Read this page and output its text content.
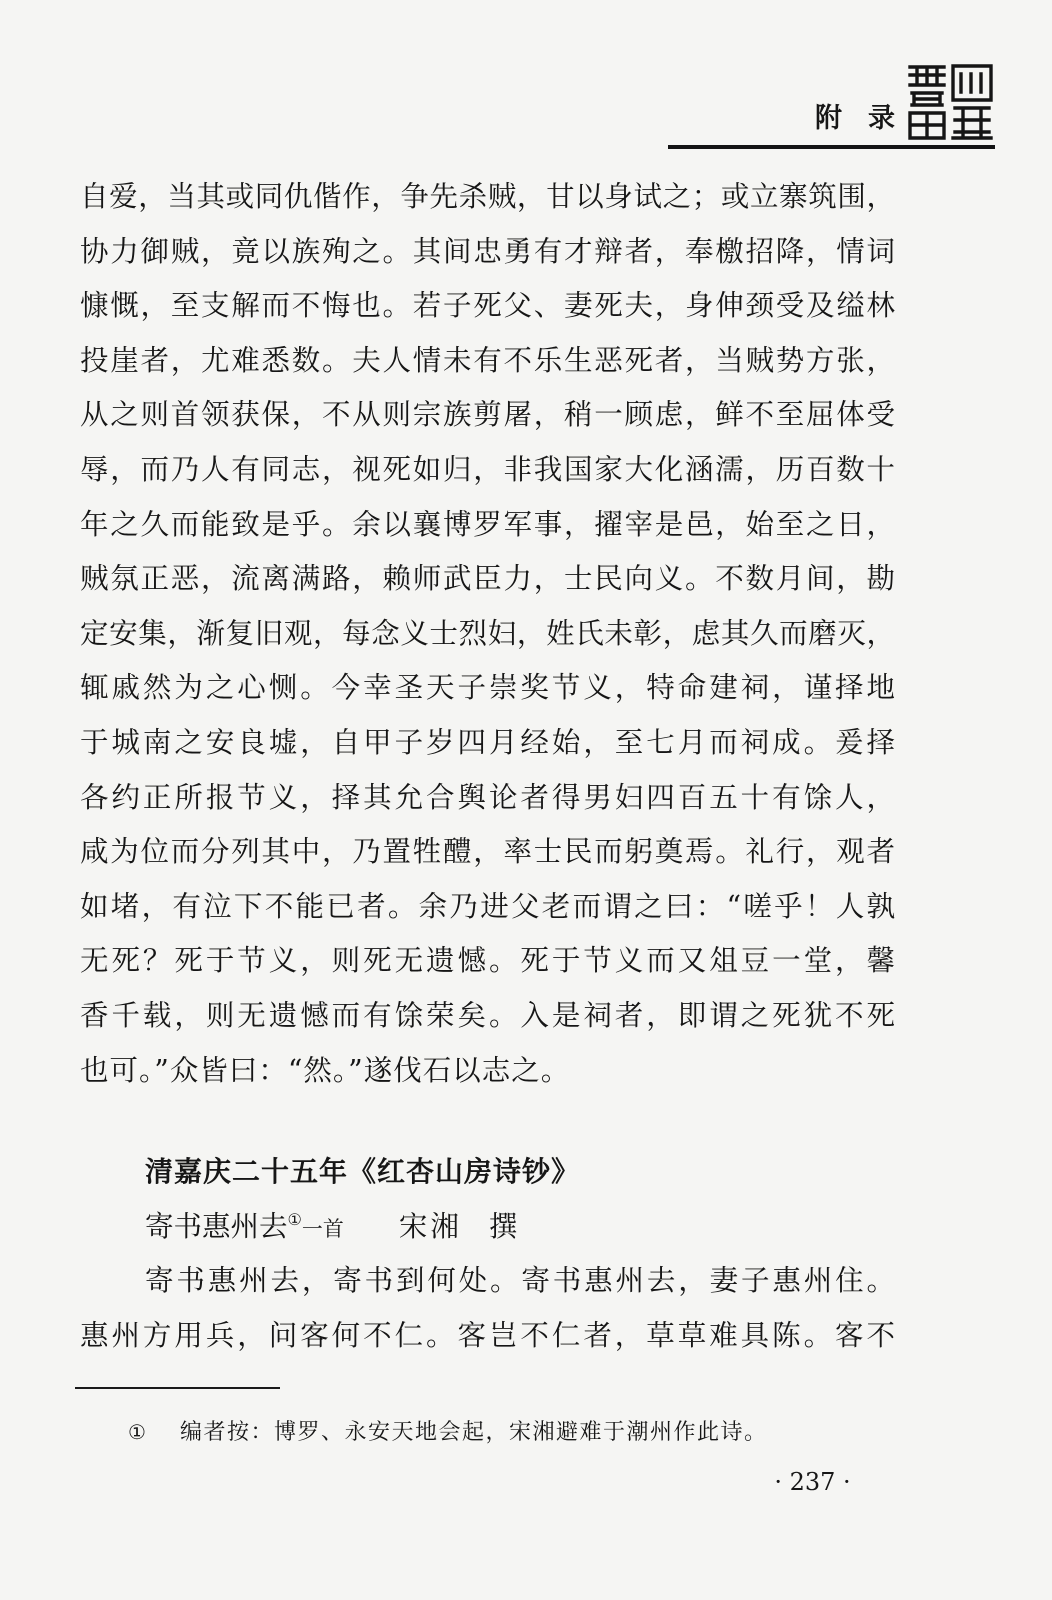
附录
自爱，当其或同仇偕作，争先杀贼，甘以身试之；或立寨筑围，
协力御贼，竟以族殉之。其间忠勇有才辩者，奉檄招降，情词
慷慨，至支解而不悔也。若子死父、妻死夫，身伸颈受及缢林
投崖者，尤难悉数。夫人情未有不乐生恶死者，当贼势方张，
从之则首领获保，不从则宗族剪屠，稍一顾虑，鲜不至屈体受
辱，而乃人有同志，视死如归，非我国家大化涵濡，历百数十
年之久而能致是乎。余以襄博罗军事，擢宰是邑，始至之日，
贼氛正恶，流离满路，赖师武臣力，士民向义。不数月间，勘
定安集，渐复旧观，每念义士烈妇，姓氏未彰，虑其久而磨灭，
辄戚然为之心恻。今幸圣天子崇奖节义，特命建祠，谨择地
于城南之安良墟，自甲子岁四月经始，至七月而祠成。爰择
各约正所报节义，择其允合舆论者得男妇四百五十有馀人，
咸为位而分列其中，乃置牲醴，率士民而躬奠焉。礼行，观者
如堵，有泣下不能已者。余乃进父老而谓之曰：“嗟乎！人孰
无死？死于节义，则死无遗憾。死于节义而又俎豆一堂，馨
香千载，则无遗憾而有馀荣矣。入是祠者，即谓之死犹不死
也可。”众皆曰：“然。”遂伐石以志之。
清嘉庆二十五年《红杏山房诗钞》
寄书惠州去①一首 宋湘 撰
寄书惠州去，寄书到何处。寄书惠州去，妻子惠州住。
惠州方用兵，问客何不仁。客岂不仁者，草草难具陈。客不
① 编者按：博罗、永安天地会起，宋湘避难于潮州作此诗。
· 237 ·
